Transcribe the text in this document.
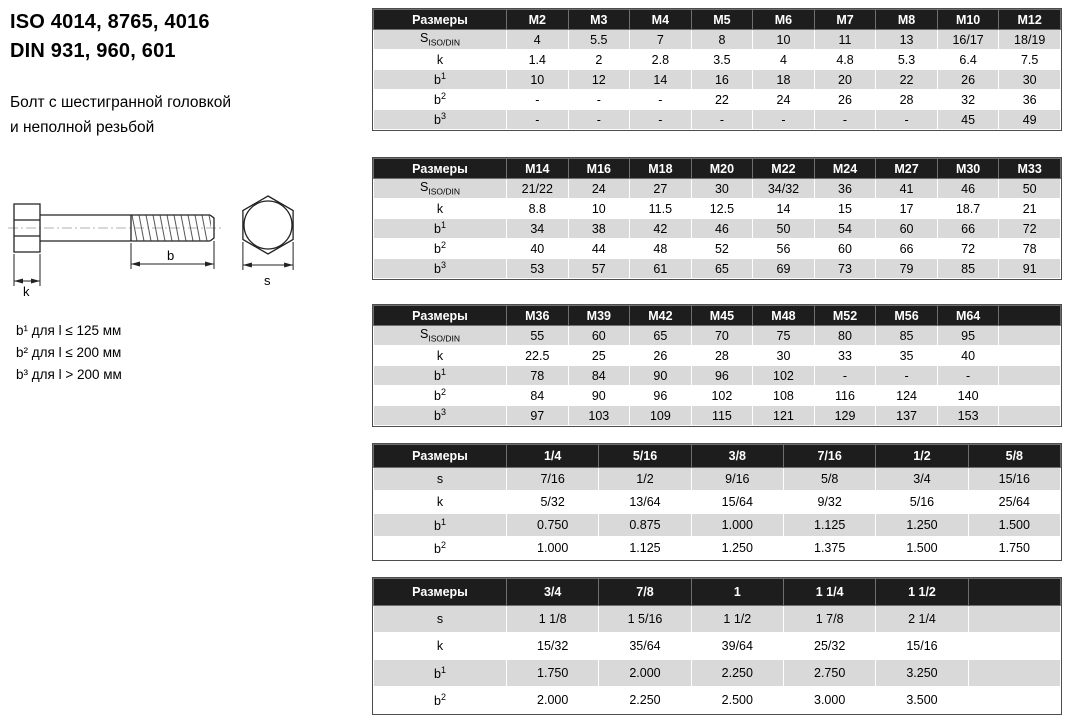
ISO 4014, 8765, 4016
DIN 931, 960, 601
Болт с шестигранной головкой
и неполной резьбой
k
b
s
b¹ для l ≤ 125 мм
b² для l ≤ 200 мм
b³ для l > 200 мм
Размеры	M2	M3	M4	M5	M6	M7	M8	M10	M12
$S_{ISO/DIN}$	4	5.5	7	8	10	11	13	16/17	18/19
k	1.4	2	2.8	3.5	4	4.8	5.3	6.4	7.5
$b^1$	10	12	14	16	18	20	22	26	30
$b^2$	-	-	-	22	24	26	28	32	36
$b^3$	-	-	-	-	-	-	-	45	49
Размеры	M14	M16	M18	M20	M22	M24	M27	M30	M33
$S_{ISO/DIN}$	21/22	24	27	30	34/32	36	41	46	50
k	8.8	10	11.5	12.5	14	15	17	18.7	21
$b^1$	34	38	42	46	50	54	60	66	72
$b^2$	40	44	48	52	56	60	66	72	78
$b^3$	53	57	61	65	69	73	79	85	91
Размеры	M36	M39	M42	M45	M48	M52	M56	M64	
$S_{ISO/DIN}$	55	60	65	70	75	80	85	95	
k	22.5	25	26	28	30	33	35	40	
$b^1$	78	84	90	96	102	-	-	-	
$b^2$	84	90	96	102	108	116	124	140	
$b^3$	97	103	109	115	121	129	137	153	
Размеры	1/4	5/16	3/8	7/16	1/2	5/8
s	7/16	1/2	9/16	5/8	3/4	15/16
k	5/32	13/64	15/64	9/32	5/16	25/64
$b^1$	0.750	0.875	1.000	1.125	1.250	1.500
$b^2$	1.000	1.125	1.250	1.375	1.500	1.750
Размеры	3/4	7/8	1	1 1/4	1 1/2	
s	1 1/8	1 5/16	1 1/2	1 7/8	2 1/4	
k	15/32	35/64	39/64	25/32	15/16	
$b^1$	1.750	2.000	2.250	2.750	3.250	
$b^2$	2.000	2.250	2.500	3.000	3.500	
